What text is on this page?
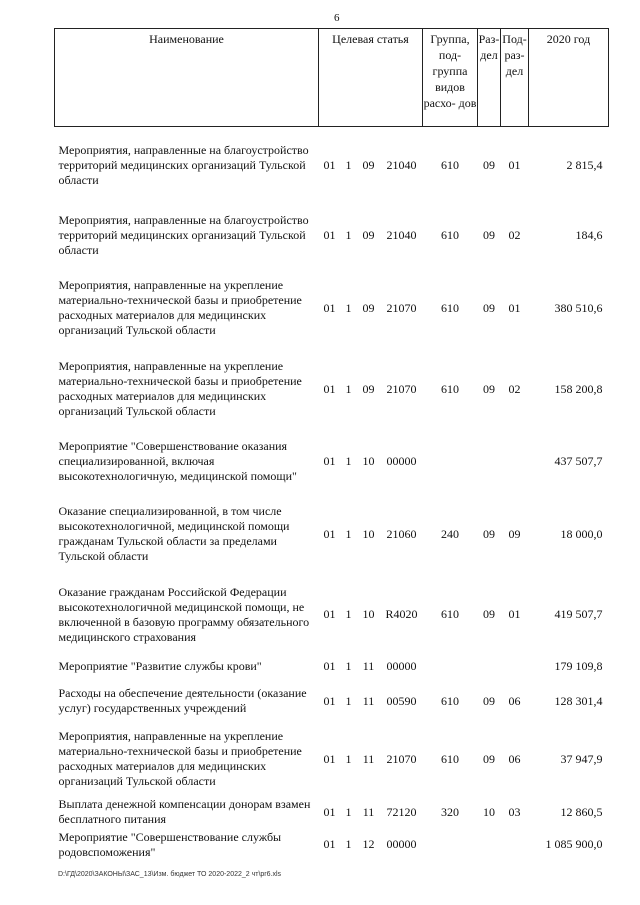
6
Наименование	Целевая статья				Группа, под- группа видов расхо- дов	Раз- дел	Под- раз- дел	2020 год
Мероприятия, направленные на благоустройство территорий медицинских организаций Тульской области	01	1	09	21040	610	09	01	2 815,4
Мероприятия, направленные на благоустройство территорий медицинских организаций Тульской области	01	1	09	21040	610	09	02	184,6
Мероприятия, направленные на укрепление материально-технической базы и приобретение расходных материалов для медицинских организаций Тульской области	01	1	09	21070	610	09	01	380 510,6
Мероприятия, направленные на укрепление материально-технической базы и приобретение расходных материалов для медицинских организаций Тульской области	01	1	09	21070	610	09	02	158 200,8
Мероприятие "Совершенствование оказания специализированной, включая высокотехнологичную, медицинской помощи"	01	1	10	00000				437 507,7
Оказание специализированной, в том числе высокотехнологичной, медицинской помощи гражданам Тульской области за пределами Тульской области	01	1	10	21060	240	09	09	18 000,0
Оказание гражданам Российской Федерации высокотехнологичной медицинской помощи, не включенной в базовую программу обязательного медицинского страхования	01	1	10	R4020	610	09	01	419 507,7
Мероприятие "Развитие службы крови"	01	1	11	00000				179 109,8
Расходы на обеспечение деятельности (оказание услуг) государственных учреждений	01	1	11	00590	610	09	06	128 301,4
Мероприятия, направленные на укрепление материально-технической базы и приобретение расходных материалов для медицинских организаций Тульской области	01	1	11	21070	610	09	06	37 947,9
Выплата денежной компенсации донорам взамен бесплатного питания	01	1	11	72120	320	10	03	12 860,5
Мероприятие "Совершенствование службы родовспоможения"	01	1	12	00000				1 085 900,0
D:\ГД\2020\ЗАКОНЫ\ЗАС_13\Изм. бюджет ТО 2020-2022_2 чт\pr6.xls
